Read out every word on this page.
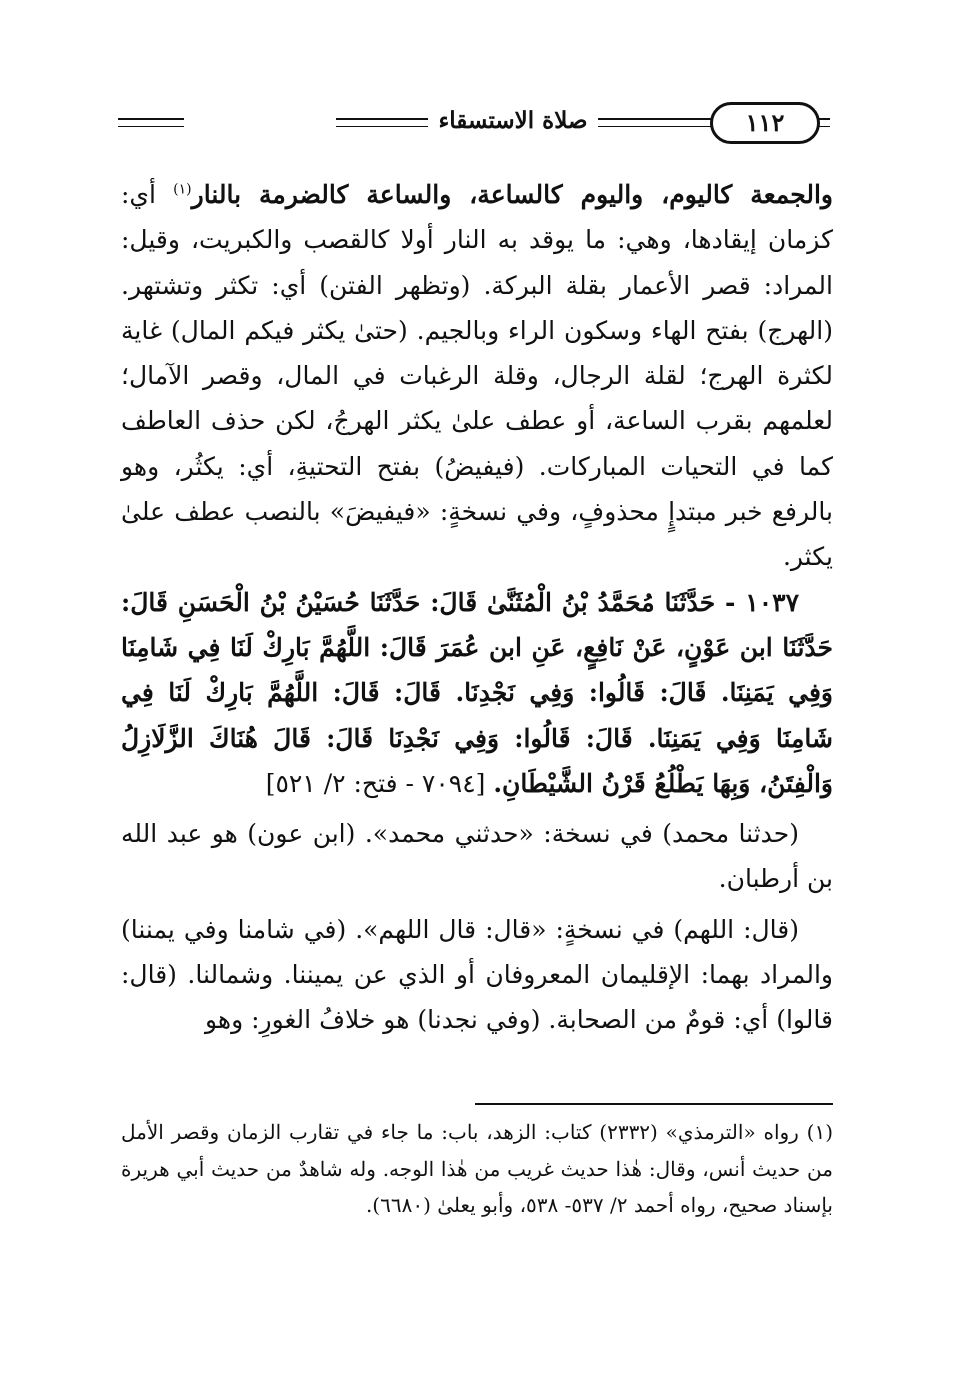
صلاة الاستسقاء	١١٢

والجمعة كاليوم، واليوم كالساعة، والساعة كالضرمة بالنار$^{(١)}$ أي: كزمان إيقادها، وهي: ما يوقد به النار أولا كالقصب والكبريت، وقيل: المراد: قصر الأعمار بقلة البركة. (وتظهر الفتن) أي: تكثر وتشتهر. (الهرج) بفتح الهاء وسكون الراء وبالجيم. (حتىٰ يكثر فيكم المال) غاية لكثرة الهرج؛ لقلة الرجال، وقلة الرغبات في المال، وقصر الآمال؛ لعلمهم بقرب الساعة، أو عطف علىٰ يكثر الهرجُ، لكن حذف العاطف كما في التحيات المباركات. (فيفيضُ) بفتح التحتيةِ، أي: يكثُر، وهو بالرفع خبر مبتدإٍ محذوفٍ، وفي نسخةٍ: «فيفيضَ» بالنصب عطف علىٰ يكثر.

١٠٣٧ - حَدَّثَنَا مُحَمَّدُ بْنُ الْمُثَنَّىٰ قَالَ: حَدَّثَنَا حُسَيْنُ بْنُ الْحَسَنِ قَالَ: حَدَّثَنَا ابن عَوْنٍ، عَنْ نَافِعٍ، عَنِ ابن عُمَرَ قَالَ: اللَّهُمَّ بَارِكْ لَنَا فِي شَامِنَا وَفِي يَمَنِنَا. قَالَ: قَالُوا: وَفِي نَجْدِنَا. قَالَ: قَالَ: اللَّهُمَّ بَارِكْ لَنَا فِي شَامِنَا وَفِي يَمَنِنَا. قَالَ: قَالُوا: وَفِي نَجْدِنَا قَالَ: قَالَ هُنَاكَ الزَّلَازِلُ وَالْفِتَنُ، وَبِهَا يَطْلُعُ قَرْنُ الشَّيْطَانِ. [٧٠٩٤ - فتح: ٢/ ٥٢١]

(حدثنا محمد) في نسخة: «حدثني محمد». (ابن عون) هو عبد الله بن أرطبان.

(قال: اللهم) في نسخةٍ: «قال: قال اللهم». (في شامنا وفي يمننا) والمراد بهما: الإقليمان المعروفان أو الذي عن يميننا. وشمالنا. (قال: قالوا) أي: قومٌ من الصحابة. (وفي نجدنا) هو خلافُ الغورِ: وهو

(١) رواه «الترمذي» (٢٣٣٢) كتاب: الزهد، باب: ما جاء في تقارب الزمان وقصر الأمل من حديث أنس، وقال: هٰذا حديث غريب من هٰذا الوجه. وله شاهدٌ من حديث أبي هريرة بإسناد صحيح، رواه أحمد ٢/ ٥٣٧- ٥٣٨، وأبو يعلىٰ (٦٦٨٠).
